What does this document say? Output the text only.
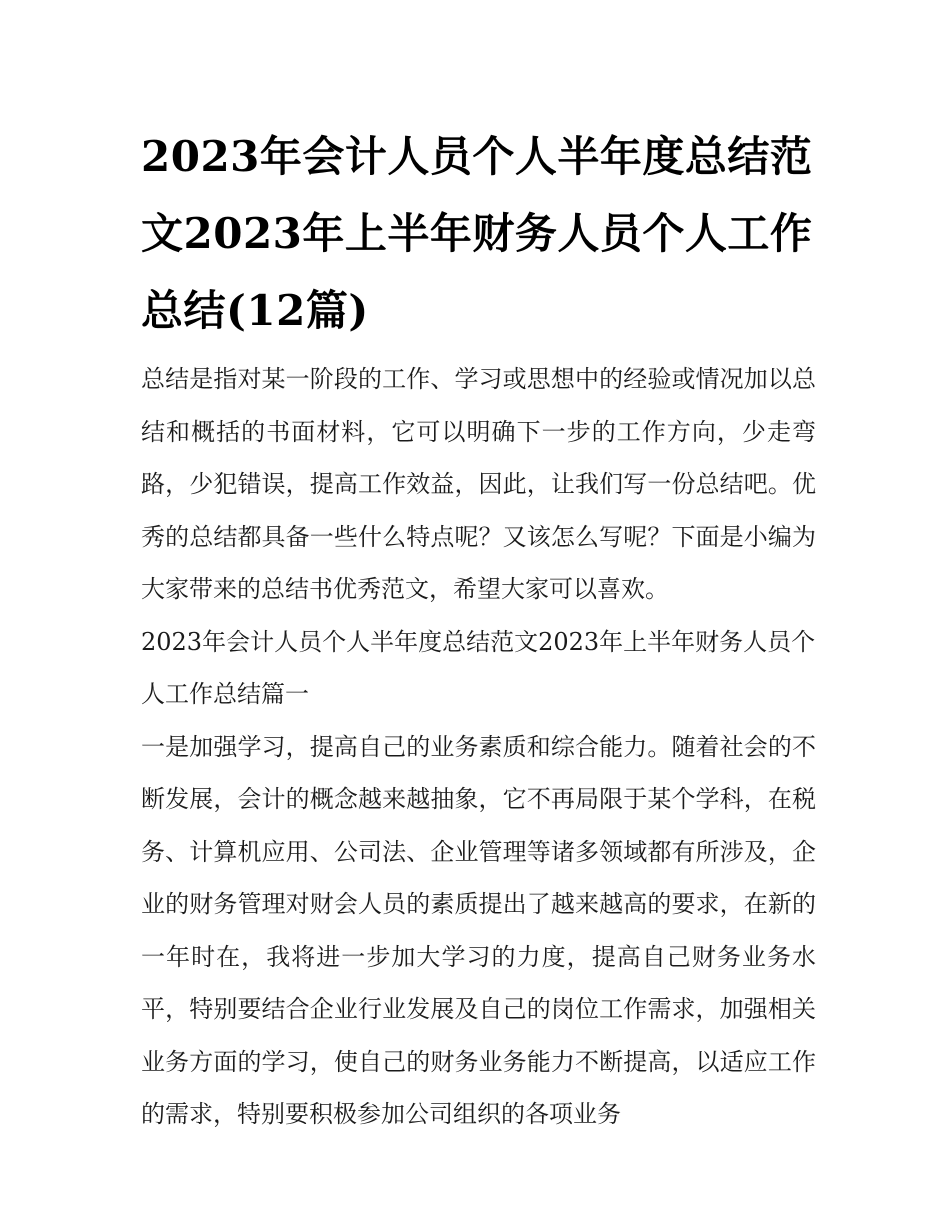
2023年会计人员个人半年度总结范文2023年上半年财务人员个人工作总结(12篇)

总结是指对某一阶段的工作、学习或思想中的经验或情况加以总结和概括的书面材料，它可以明确下一步的工作方向，少走弯路，少犯错误，提高工作效益，因此，让我们写一份总结吧。优秀的总结都具备一些什么特点呢？又该怎么写呢？下面是小编为大家带来的总结书优秀范文，希望大家可以喜欢。

2023年会计人员个人半年度总结范文2023年上半年财务人员个人工作总结篇一

一是加强学习，提高自己的业务素质和综合能力。随着社会的不断发展，会计的概念越来越抽象，它不再局限于某个学科，在税务、计算机应用、公司法、企业管理等诸多领域都有所涉及，企业的财务管理对财会人员的素质提出了越来越高的要求，在新的一年时在，我将进一步加大学习的力度，提高自己财务业务水平，特别要结合企业行业发展及自己的岗位工作需求，加强相关业务方面的学习，使自己的财务业务能力不断提高，以适应工作的需求，特别要积极参加公司组织的各项业务
